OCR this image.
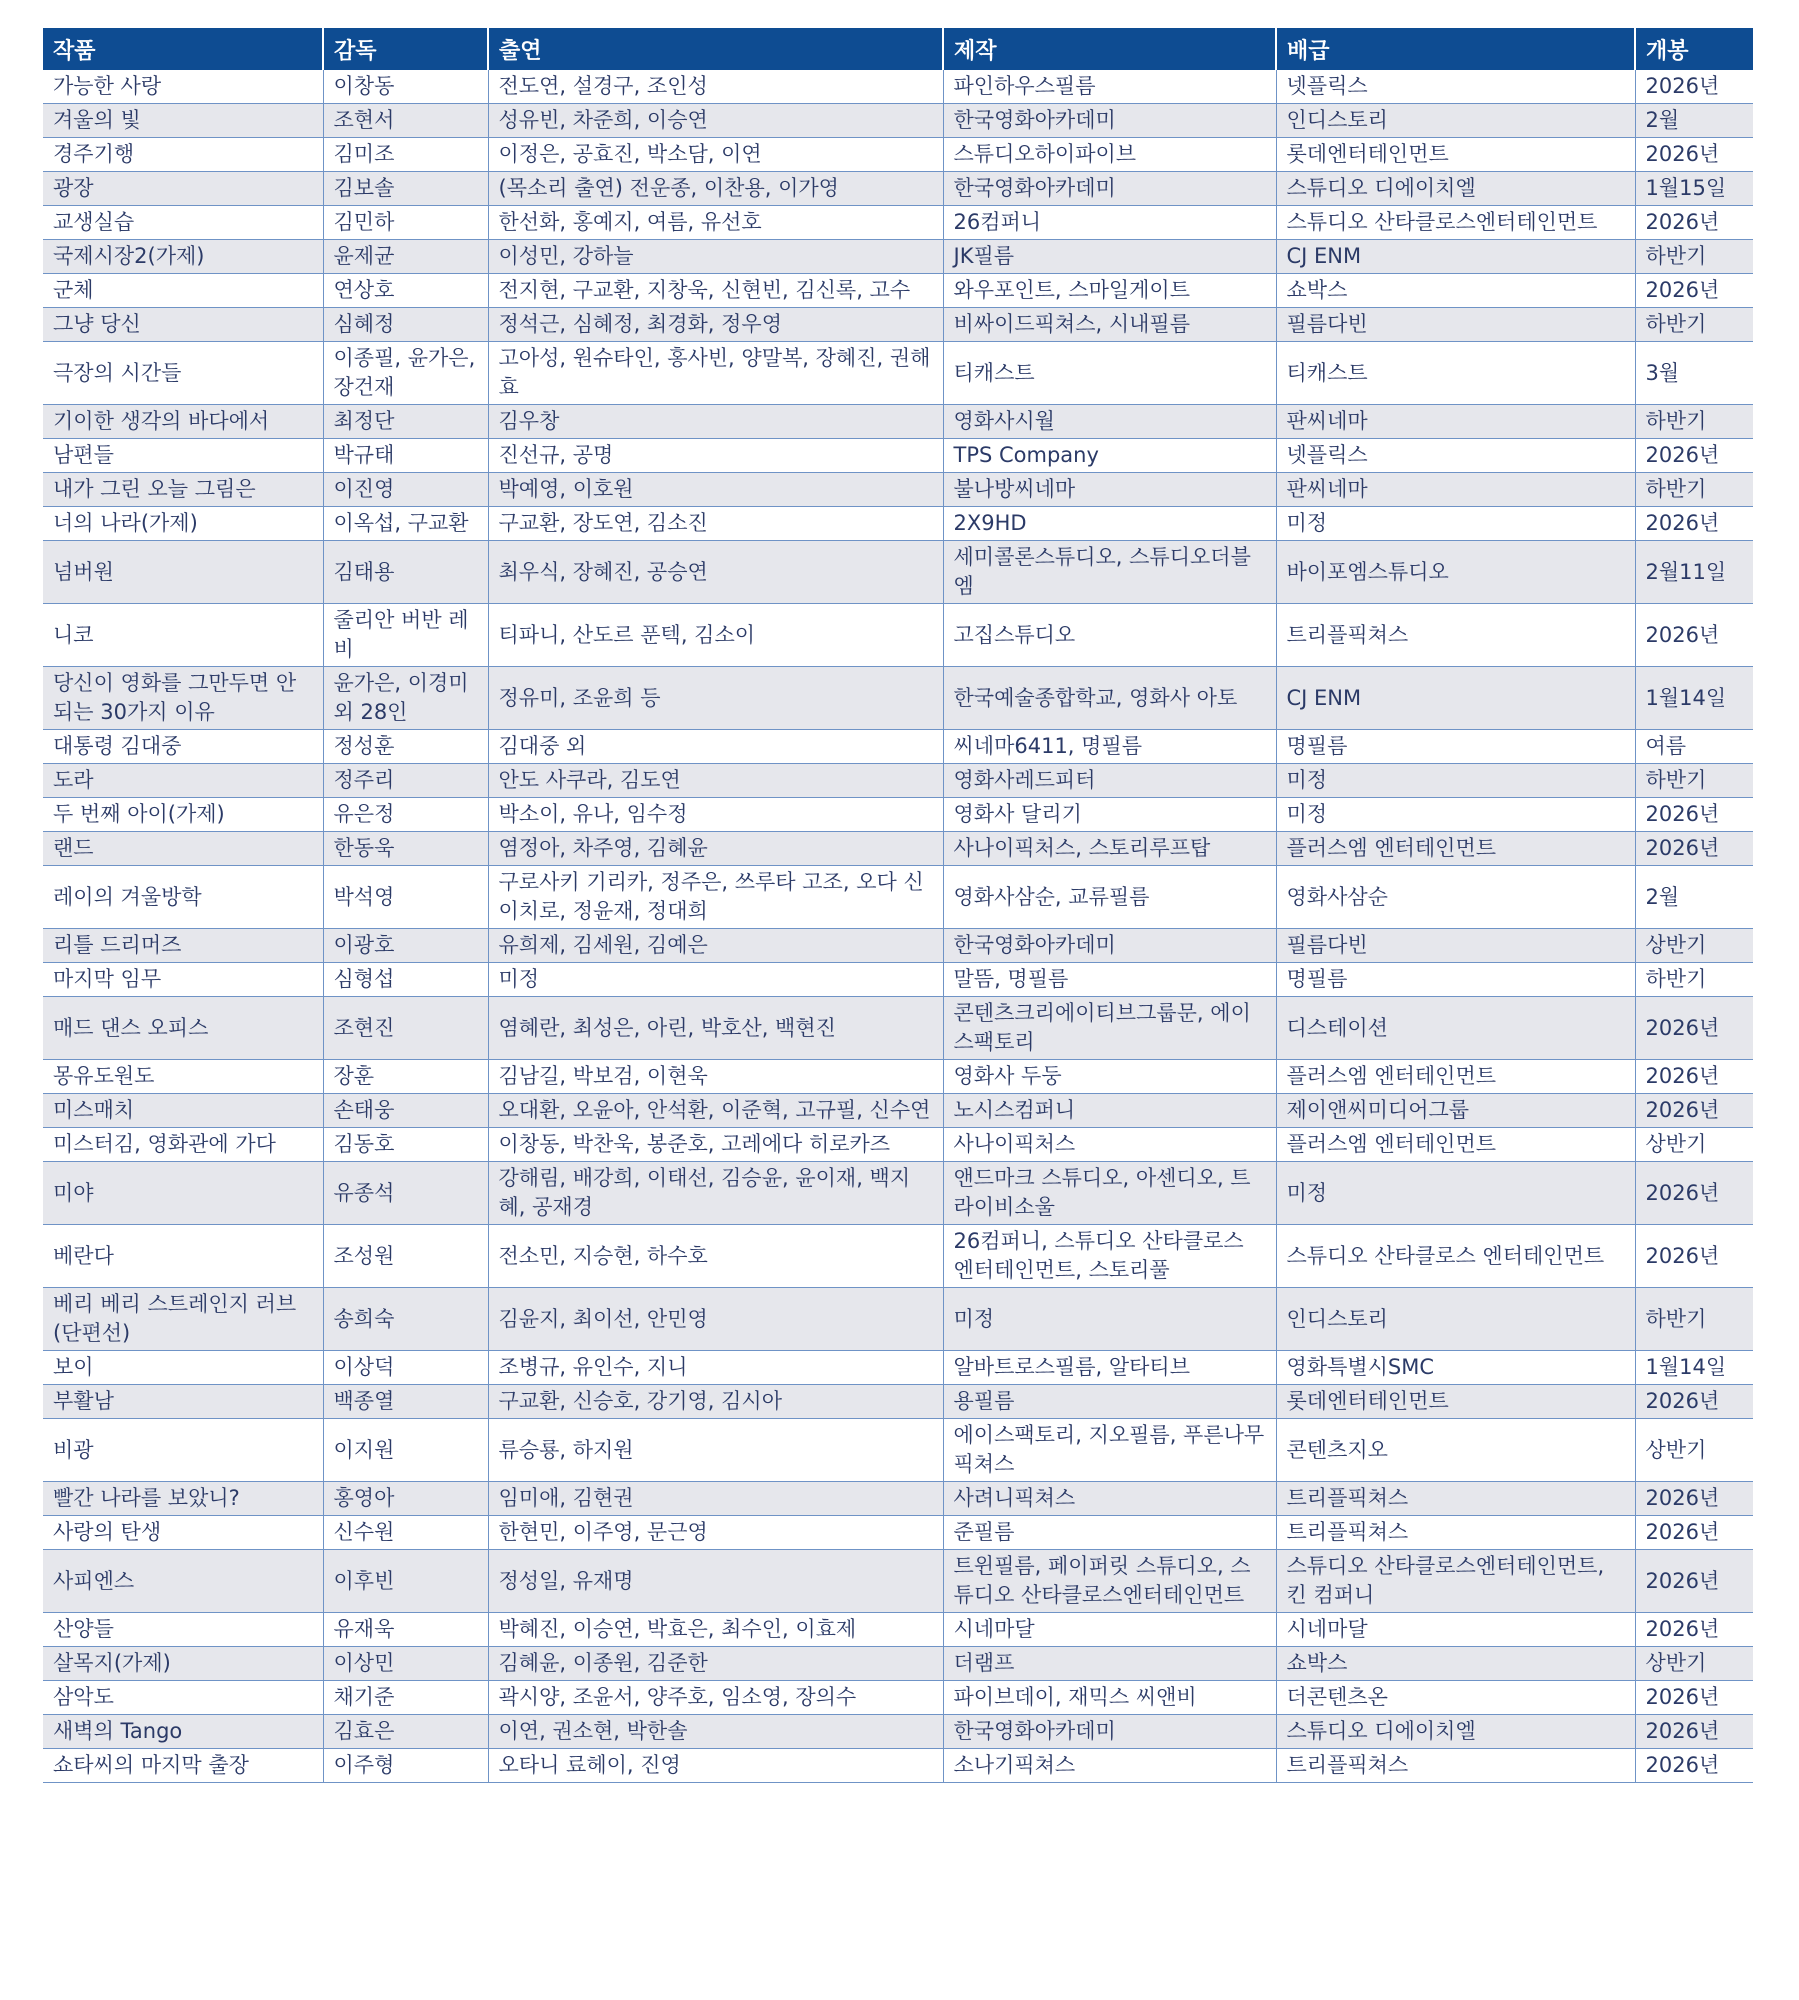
작품	감독	출연	제작	배급	개봉
가능한 사랑	이창동	전도연, 설경구, 조인성	파인하우스필름	넷플릭스	2026년
겨울의 빛	조현서	성유빈, 차준희, 이승연	한국영화아카데미	인디스토리	2월
경주기행	김미조	이정은, 공효진, 박소담, 이연	스튜디오하이파이브	롯데엔터테인먼트	2026년
광장	김보솔	(목소리 출연) 전운종, 이찬용, 이가영	한국영화아카데미	스튜디오 디에이치엘	1월15일
교생실습	김민하	한선화, 홍예지, 여름, 유선호	26컴퍼니	스튜디오 산타클로스엔터테인먼트	2026년
국제시장2(가제)	윤제균	이성민, 강하늘	JK필름	CJ ENM	하반기
군체	연상호	전지현, 구교환, 지창욱, 신현빈, 김신록, 고수	와우포인트, 스마일게이트	쇼박스	2026년
그냥 당신	심혜정	정석근, 심혜정, 최경화, 정우영	비싸이드픽쳐스, 시내필름	필름다빈	하반기
극장의 시간들	이종필, 윤가은, 장건재	고아성, 원슈타인, 홍사빈, 양말복, 장혜진, 권해효	티캐스트	티캐스트	3월
기이한 생각의 바다에서	최정단	김우창	영화사시월	판씨네마	하반기
남편들	박규태	진선규, 공명	TPS Company	넷플릭스	2026년
내가 그린 오늘 그림은	이진영	박예영, 이호원	불나방씨네마	판씨네마	하반기
너의 나라(가제)	이옥섭, 구교환	구교환, 장도연, 김소진	2X9HD	미정	2026년
넘버원	김태용	최우식, 장혜진, 공승연	세미콜론스튜디오, 스튜디오더블엠	바이포엠스튜디오	2월11일
니코	줄리안 버반 레비	티파니, 산도르 푼텍, 김소이	고집스튜디오	트리플픽쳐스	2026년
당신이 영화를 그만두면 안 되는 30가지 이유	윤가은, 이경미 외 28인	정유미, 조윤희 등	한국예술종합학교, 영화사 아토	CJ ENM	1월14일
대통령 김대중	정성훈	김대중 외	씨네마6411, 명필름	명필름	여름
도라	정주리	안도 사쿠라, 김도연	영화사레드피터	미정	하반기
두 번째 아이(가제)	유은정	박소이, 유나, 임수정	영화사 달리기	미정	2026년
랜드	한동욱	염정아, 차주영, 김혜윤	사나이픽처스, 스토리루프탑	플러스엠 엔터테인먼트	2026년
레이의 겨울방학	박석영	구로사키 기리카, 정주은, 쓰루타 고조, 오다 신이치로, 정윤재, 정대희	영화사삼순, 교류필름	영화사삼순	2월
리틀 드리머즈	이광호	유희제, 김세원, 김예은	한국영화아카데미	필름다빈	상반기
마지막 임무	심형섭	미정	말뜸, 명필름	명필름	하반기
매드 댄스 오피스	조현진	염혜란, 최성은, 아린, 박호산, 백현진	콘텐츠크리에이티브그룹문, 에이스팩토리	디스테이션	2026년
몽유도원도	장훈	김남길, 박보검, 이현욱	영화사 두둥	플러스엠 엔터테인먼트	2026년
미스매치	손태웅	오대환, 오윤아, 안석환, 이준혁, 고규필, 신수연	노시스컴퍼니	제이앤씨미디어그룹	2026년
미스터김, 영화관에 가다	김동호	이창동, 박찬욱, 봉준호, 고레에다 히로카즈	사나이픽처스	플러스엠 엔터테인먼트	상반기
미야	유종석	강해림, 배강희, 이태선, 김승윤, 윤이재, 백지혜, 공재경	앤드마크 스튜디오, 아센디오, 트라이비소울	미정	2026년
베란다	조성원	전소민, 지승현, 하수호	26컴퍼니, 스튜디오 산타클로스 엔터테인먼트, 스토리풀	스튜디오 산타클로스 엔터테인먼트	2026년
베리 베리 스트레인지 러브(단편선)	송희숙	김윤지, 최이선, 안민영	미정	인디스토리	하반기
보이	이상덕	조병규, 유인수, 지니	알바트로스필름, 알타티브	영화특별시SMC	1월14일
부활남	백종열	구교환, 신승호, 강기영, 김시아	용필름	롯데엔터테인먼트	2026년
비광	이지원	류승룡, 하지원	에이스팩토리, 지오필름, 푸른나무픽쳐스	콘텐츠지오	상반기
빨간 나라를 보았니?	홍영아	임미애, 김현권	사려니픽쳐스	트리플픽쳐스	2026년
사랑의 탄생	신수원	한현민, 이주영, 문근영	준필름	트리플픽쳐스	2026년
사피엔스	이후빈	정성일, 유재명	트윈필름, 페이퍼릿 스튜디오, 스튜디오 산타클로스엔터테인먼트	스튜디오 산타클로스엔터테인먼트, 킨 컴퍼니	2026년
산양들	유재욱	박혜진, 이승연, 박효은, 최수인, 이효제	시네마달	시네마달	2026년
살목지(가제)	이상민	김혜윤, 이종원, 김준한	더램프	쇼박스	상반기
삼악도	채기준	곽시양, 조윤서, 양주호, 임소영, 장의수	파이브데이, 재믹스 씨앤비	더콘텐츠온	2026년
새벽의 Tango	김효은	이연, 권소현, 박한솔	한국영화아카데미	스튜디오 디에이치엘	2026년
쇼타씨의 마지막 출장	이주형	오타니 료헤이, 진영	소나기픽쳐스	트리플픽쳐스	2026년
